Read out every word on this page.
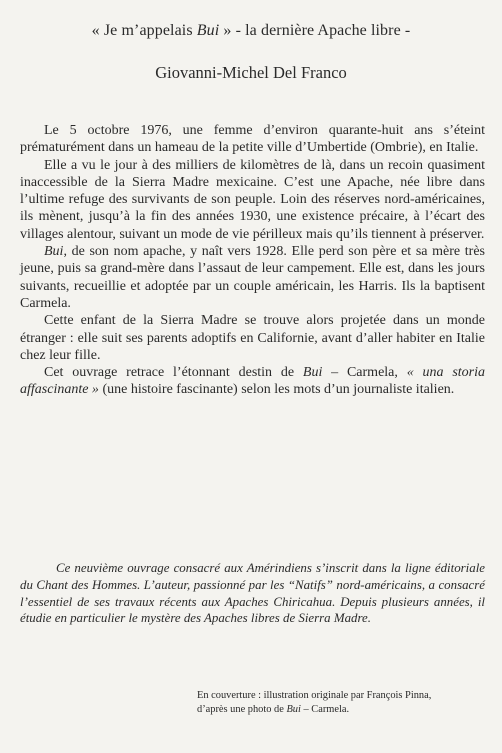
« Je m’appelais Bui » - la dernière Apache libre -
Giovanni-Michel Del Franco

Le 5 octobre 1976, une femme d’environ quarante-huit ans s’éteint prématurément dans un hameau de la petite ville d’Umbertide (Ombrie), en Italie.

Elle a vu le jour à des milliers de kilomètres de là, dans un recoin quasiment inaccessible de la Sierra Madre mexicaine. C’est une Apache, née libre dans l’ultime refuge des survivants de son peuple. Loin des réserves nord-américaines, ils mènent, jusqu’à la fin des années 1930, une existence précaire, à l’écart des villages alentour, suivant un mode de vie périlleux mais qu’ils tiennent à préserver.

Bui, de son nom apache, y naît vers 1928. Elle perd son père et sa mère très jeune, puis sa grand-mère dans l’assaut de leur campement. Elle est, dans les jours suivants, recueillie et adoptée par un couple américain, les Harris. Ils la baptisent Carmela.

Cette enfant de la Sierra Madre se trouve alors projetée dans un monde étranger : elle suit ses parents adoptifs en Californie, avant d’aller habiter en Italie chez leur fille.

Cet ouvrage retrace l’étonnant destin de Bui – Carmela, « una storia affascinante » (une histoire fascinante) selon les mots d’un journaliste italien.

Ce neuvième ouvrage consacré aux Amérindiens s’inscrit dans la ligne éditoriale du Chant des Hommes. L’auteur, passionné par les “Natifs” nord-américains, a consacré l’essentiel de ses travaux récents aux Apaches Chiricahua. Depuis plusieurs années, il étudie en particulier le mystère des Apaches libres de Sierra Madre.

En couverture : illustration originale par François Pinna,

d’après une photo de Bui – Carmela.
